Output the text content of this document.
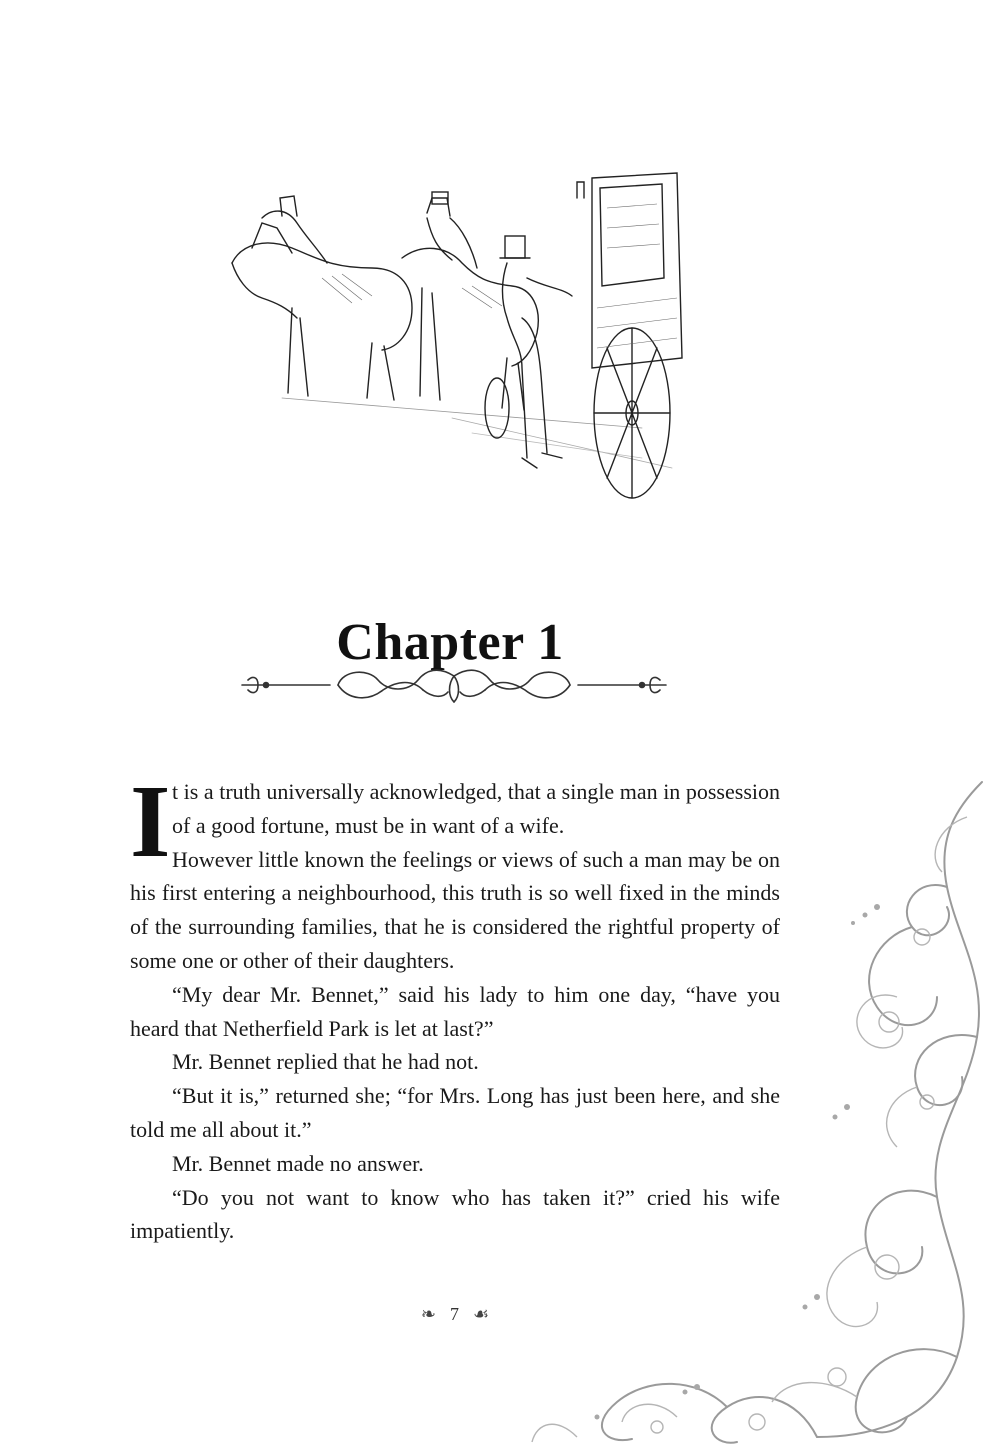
Chapter 1

I t is a truth universally acknowledged, that a single man in possession of a good fortune, must be in want of a wife.

However little known the feelings or views of such a man may be on his first entering a neighbourhood, this truth is so well fixed in the minds of the surrounding families, that he is considered the rightful property of some one or other of their daughters.

“My dear Mr. Bennet,” said his lady to him one day, “have you heard that Netherfield Park is let at last?”

Mr. Bennet replied that he had not.

“But it is,” returned she; “for Mrs. Long has just been here, and she told me all about it.”

Mr. Bennet made no answer.

“Do you not want to know who has taken it?” cried his wife impatiently.

❧ 7 ☙
